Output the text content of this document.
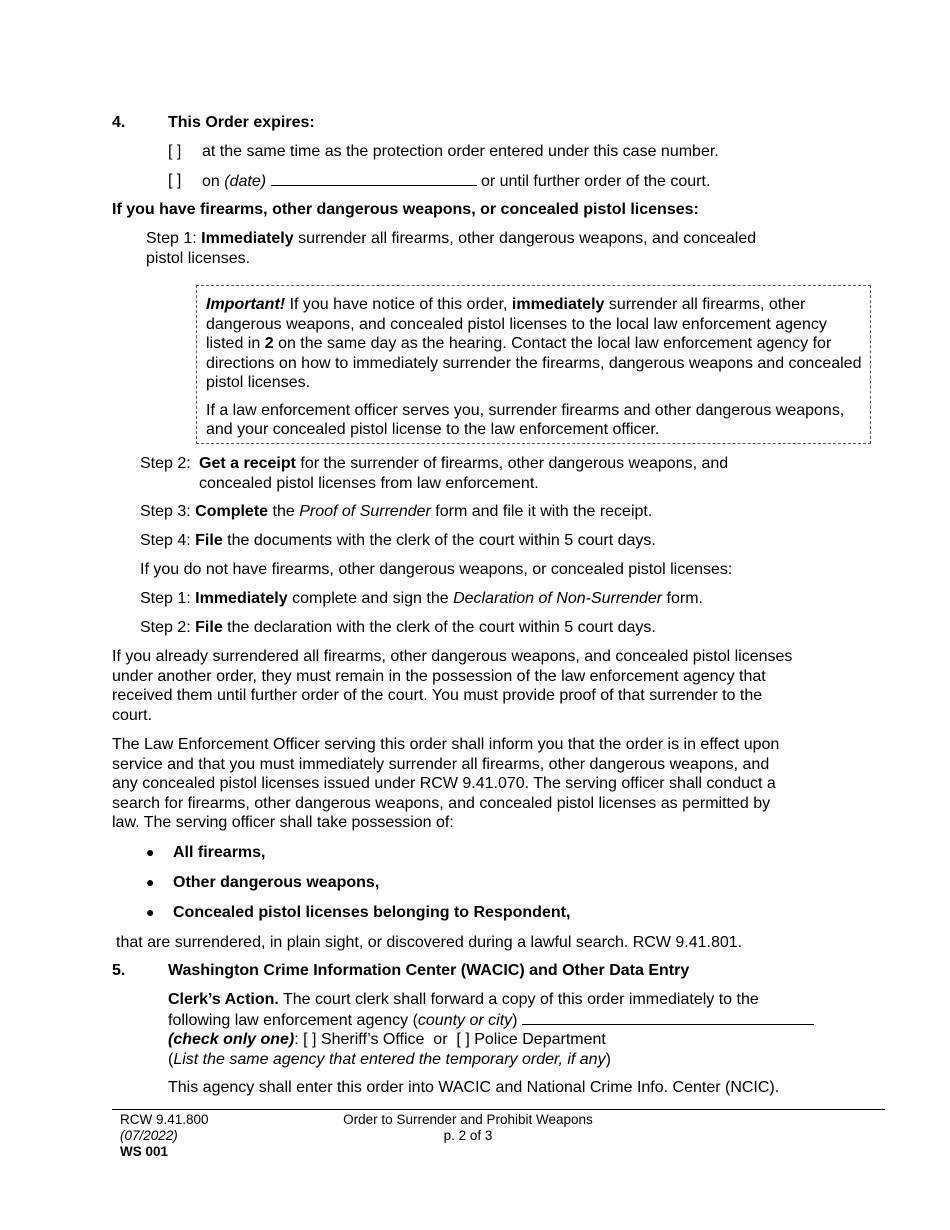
4.	This Order expires:
[ ] at the same time as the protection order entered under this case number.
[ ] on (date)	or until further order of the court.
If you have firearms, other dangerous weapons, or concealed pistol licenses:
Step 1: Immediately surrender all firearms, other dangerous weapons, and concealed
pistol licenses.

Important! If you have notice of this order, immediately surrender all firearms, other dangerous weapons, and concealed pistol licenses to the local law enforcement agency listed in 2 on the same day as the hearing. Contact the local law enforcement agency for directions on how to immediately surrender the firearms, dangerous weapons and concealed pistol licenses.

If a law enforcement officer serves you, surrender firearms and other dangerous weapons, and your concealed pistol license to the law enforcement officer.

Step 2: Get a receipt for the surrender of firearms, other dangerous weapons, and
concealed pistol licenses from law enforcement.
Step 3: Complete the Proof of Surrender form and file it with the receipt.
Step 4: File the documents with the clerk of the court within 5 court days.
If you do not have firearms, other dangerous weapons, or concealed pistol licenses:
Step 1: Immediately complete and sign the Declaration of Non-Surrender form.
Step 2: File the declaration with the clerk of the court within 5 court days.
If you already surrendered all firearms, other dangerous weapons, and concealed pistol licenses
under another order, they must remain in the possession of the law enforcement agency that
received them until further order of the court. You must provide proof of that surrender to the
court.
The Law Enforcement Officer serving this order shall inform you that the order is in effect upon
service and that you must immediately surrender all firearms, other dangerous weapons, and
any concealed pistol licenses issued under RCW 9.41.070. The serving officer shall conduct a
search for firearms, other dangerous weapons, and concealed pistol licenses as permitted by
law. The serving officer shall take possession of:
● All firearms,
● Other dangerous weapons,
● Concealed pistol licenses belonging to Respondent,
that are surrendered, in plain sight, or discovered during a lawful search. RCW 9.41.801.
5.	Washington Crime Information Center (WACIC) and Other Data Entry
Clerk’s Action. The court clerk shall forward a copy of this order immediately to the
following law enforcement agency (county or city)
(check only one): [ ] Sheriff’s Office or [ ] Police Department
(List the same agency that entered the temporary order, if any)
This agency shall enter this order into WACIC and National Crime Info. Center (NCIC).
RCW 9.41.800
(07/2022)
WS 001
Order to Surrender and Prohibit Weapons
p. 2 of 3
